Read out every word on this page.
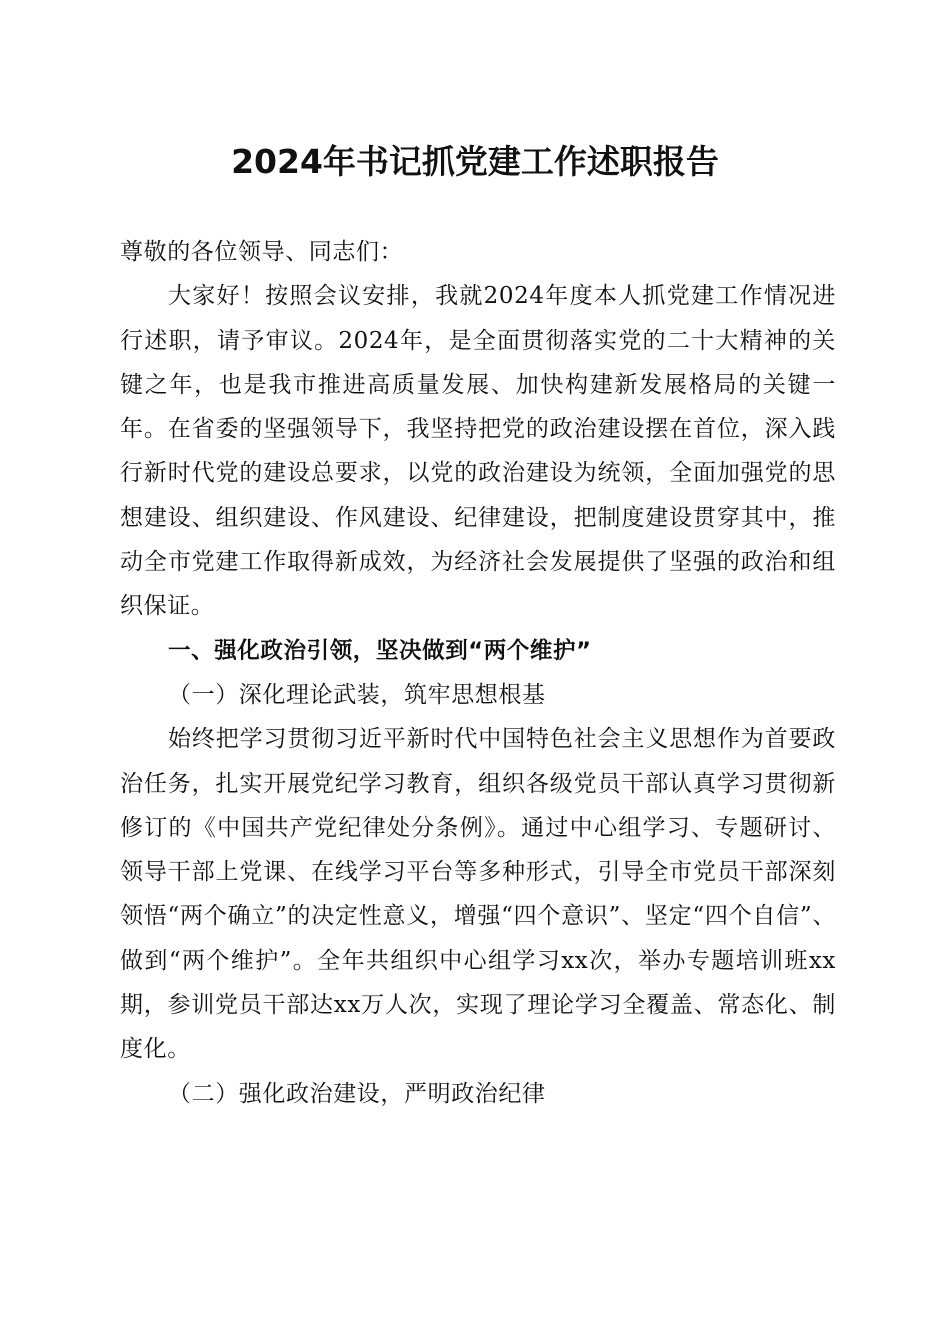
2024年书记抓党建工作述职报告

尊敬的各位领导、同志们：

大家好！按照会议安排，我就2024年度本人抓党建工作情况进行述职，请予审议。2024年，是全面贯彻落实党的二十大精神的关键之年，也是我市推进高质量发展、加快构建新发展格局的关键一年。在省委的坚强领导下，我坚持把党的政治建设摆在首位，深入践行新时代党的建设总要求，以党的政治建设为统领，全面加强党的思想建设、组织建设、作风建设、纪律建设，把制度建设贯穿其中，推动全市党建工作取得新成效，为经济社会发展提供了坚强的政治和组织保证。

一、强化政治引领，坚决做到“两个维护”

（一）深化理论武装，筑牢思想根基

始终把学习贯彻习近平新时代中国特色社会主义思想作为首要政治任务，扎实开展党纪学习教育，组织各级党员干部认真学习贯彻新修订的《中国共产党纪律处分条例》。通过中心组学习、专题研讨、领导干部上党课、在线学习平台等多种形式，引导全市党员干部深刻领悟“两个确立”的决定性意义，增强“四个意识”、坚定“四个自信”、做到“两个维护”。全年共组织中心组学习xx次，举办专题培训班xx期，参训党员干部达xx万人次，实现了理论学习全覆盖、常态化、制度化。

（二）强化政治建设，严明政治纪律
